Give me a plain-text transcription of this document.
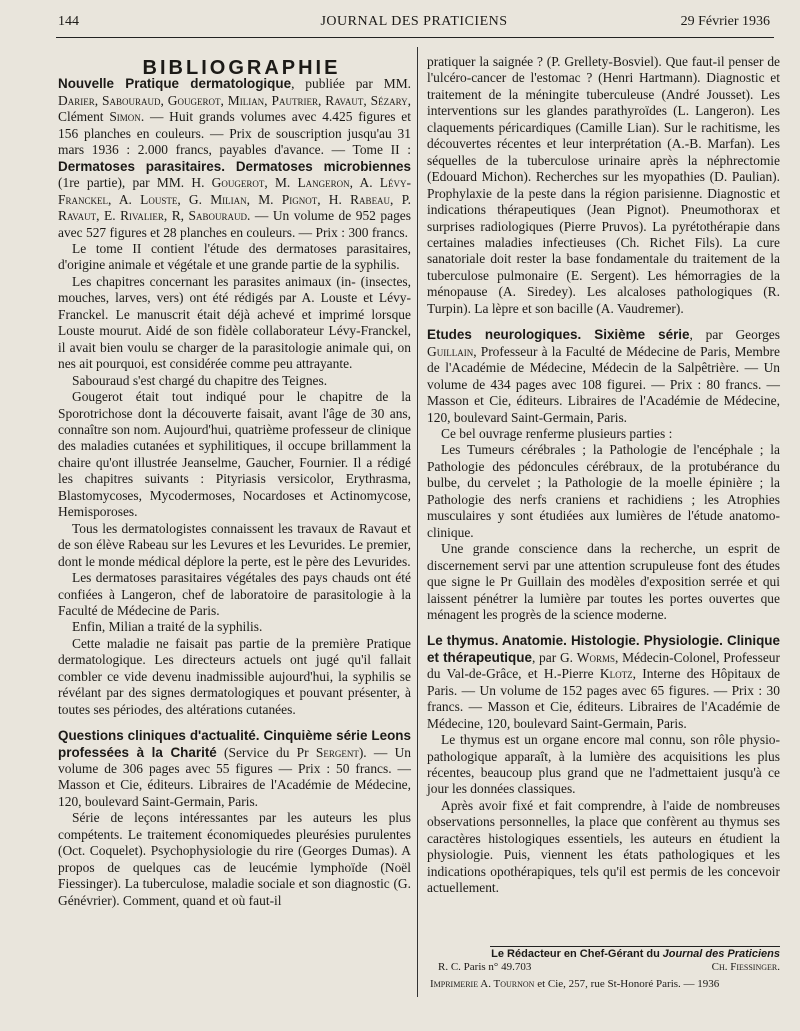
144	JOURNAL DES PRATICIENS	29 Février 1936

BIBLIOGRAPHIE

Nouvelle Pratique dermatologique, publiée par MM. Darier, Sabouraud, Gougerot, Milian, Pautrier, Ravaut, Sézary, Clément Simon. — Huit grands volumes avec 4.425 figures et 156 planches en couleurs. — Prix de souscription jusqu'au 31 mars 1936 : 2.000 francs, payables d'avance. — Tome II : Dermatoses parasitaires. Dermatoses microbiennes (1re partie), par MM. H. Gougerot, M. Langeron, A. Lévy-Franckel, A. Louste, G. Milian, M. Pignot, H. Rabeau, P. Ravaut, E. Rivalier, R, Sabouraud. — Un volume de 952 pages avec 527 figures et 28 planches en couleurs. — Prix : 300 francs.

Le tome II contient l'étude des dermatoses parasitaires, d'origine animale et végétale et une grande partie de la syphilis.

Les chapitres concernant les parasites animaux (in- (insectes, mouches, larves, vers) ont été rédigés par A. Louste et Lévy-Franckel. Le manuscrit était déjà achevé et imprimé lorsque Louste mourut. Aidé de son fidèle collaborateur Lévy-Franckel, il avait bien voulu se charger de la parasitologie animale qui, on nes ait pourquoi, est considérée comme peu attrayante.

Sabouraud s'est chargé du chapitre des Teignes.

Gougerot était tout indiqué pour le chapitre de la Sporotrichose dont la découverte faisait, avant l'âge de 30 ans, connaître son nom. Aujourd'hui, quatrième professeur de clinique des maladies cutanées et syphilitiques, il occupe brillamment la chaire qu'ont illustrée Jeanselme, Gaucher, Fournier. Il a rédigé les chapitres suivants : Pityriasis versicolor, Erythrasma, Blastomycoses, Mycodermoses, Nocardoses et Actinomycose, Hemisporoses.

Tous les dermatologistes connaissent les travaux de Ravaut et de son élève Rabeau sur les Levures et les Levurides. Le premier, dont le monde médical déplore la perte, est le père des Levurides.

Les dermatoses parasitaires végétales des pays chauds ont été confiées à Langeron, chef de laboratoire de parasitologie à la Faculté de Médecine de Paris.

Enfin, Milian a traité de la syphilis.

Cette maladie ne faisait pas partie de la première Pratique dermatologique. Les directeurs actuels ont jugé qu'il fallait combler ce vide devenu inadmissible aujourd'hui, la syphilis se révélant par des signes dermatologiques et pouvant présenter, à toutes ses périodes, des altérations cutanées.

Questions cliniques d'actualité. Cinquième série Leons professées à la Charité (Service du Pr Sergent). — Un volume de 306 pages avec 55 figures — Prix : 50 francs. — Masson et Cie, éditeurs. Libraires de l'Académie de Médecine, 120, boulevard Saint-Germain, Paris.

Série de leçons intéressantes par les auteurs les plus compétents. Le traitement économiquedes pleurésies purulentes (Oct. Coquelet). Psychophysiologie du rire (Georges Dumas). A propos de quelques cas de leucémie lymphoïde (Noël Fiessinger). La tuberculose, maladie sociale et son diagnostic (G. Génévrier). Comment, quand et où faut-il

pratiquer la saignée ? (P. Grellety-Bosviel). Que faut-il penser de l'ulcéro-cancer de l'estomac ? (Henri Hartmann). Diagnostic et traitement de la méningite tuberculeuse (André Jousset). Les interventions sur les glandes parathyroïdes (L. Langeron). Les claquements péricardiques (Camille Lian). Sur le rachitisme, les découvertes récentes et leur interprétation (A.-B. Marfan). Les séquelles de la tuberculose urinaire après la néphrectomie (Edouard Michon). Recherches sur les myopathies (D. Paulian). Prophylaxie de la peste dans la région parisienne. Diagnostic et indications thérapeutiques (Jean Pignot). Pneumothorax et surprises radiologiques (Pierre Pruvos). La pyrétothérapie dans certaines maladies infectieuses (Ch. Richet Fils). La cure sanatoriale doit rester la base fondamentale du traitement de la tuberculose pulmonaire (E. Sergent). Les hémorragies de la ménopause (A. Siredey). Les alcaloses pathologiques (R. Turpin). La lèpre et son bacille (A. Vaudremer).

Etudes neurologiques. Sixième série, par Georges Guillain, Professeur à la Faculté de Médecine de Paris, Membre de l'Académie de Médecine, Médecin de la Salpêtrière. — Un volume de 434 pages avec 108 figurei. — Prix : 80 francs. — Masson et Cie, éditeurs. Libraires de l'Académie de Médecine, 120, boulevard Saint-Germain, Paris.

Ce bel ouvrage renferme plusieurs parties :

Les Tumeurs cérébrales ; la Pathologie de l'encéphale ; la Pathologie des pédoncules cérébraux, de la protubérance du bulbe, du cervelet ; la Pathologie de la moelle épinière ; la Pathologie des nerfs craniens et rachidiens ; les Atrophies musculaires y sont étudiées aux lumières de l'étude anatomo-clinique.

Une grande conscience dans la recherche, un esprit de discernement servi par une attention scrupuleuse font des études que signe le Pr Guillain des modèles d'exposition serrée et qui laissent pénétrer la lumière par toutes les portes ouvertes que ménagent les progrès de la science moderne.

Le thymus. Anatomie. Histologie. Physiologie. Clinique et thérapeutique, par G. Worms, Médecin-Colonel, Professeur du Val-de-Grâce, et H.-Pierre Klotz, Interne des Hôpitaux de Paris. — Un volume de 152 pages avec 65 figures. — Prix : 30 francs. — Masson et Cie, éditeurs. Libraires de l'Académie de Médecine, 120, boulevard Saint-Germain, Paris.

Le thymus est un organe encore mal connu, son rôle physio-pathologique apparaît, à la lumière des acquisitions les plus récentes, beaucoup plus grand que ne l'admettaient jusqu'à ce jour les données classiques.

Après avoir fixé et fait comprendre, à l'aide de nombreuses observations personnelles, la place que confèrent au thymus ses caractères histologiques essentiels, les auteurs en étudient la physiologie. Puis, viennent les états pathologiques et les indications opothérapiques, tels qu'il est permis de les concevoir actuellement.

Le Rédacteur en Chef-Gérant du Journal des Praticiens
R. C. Paris n° 49.703	Ch. Fiessinger.
Imprimerie A. Tournon et Cie, 257, rue St-Honoré Paris. — 1936
